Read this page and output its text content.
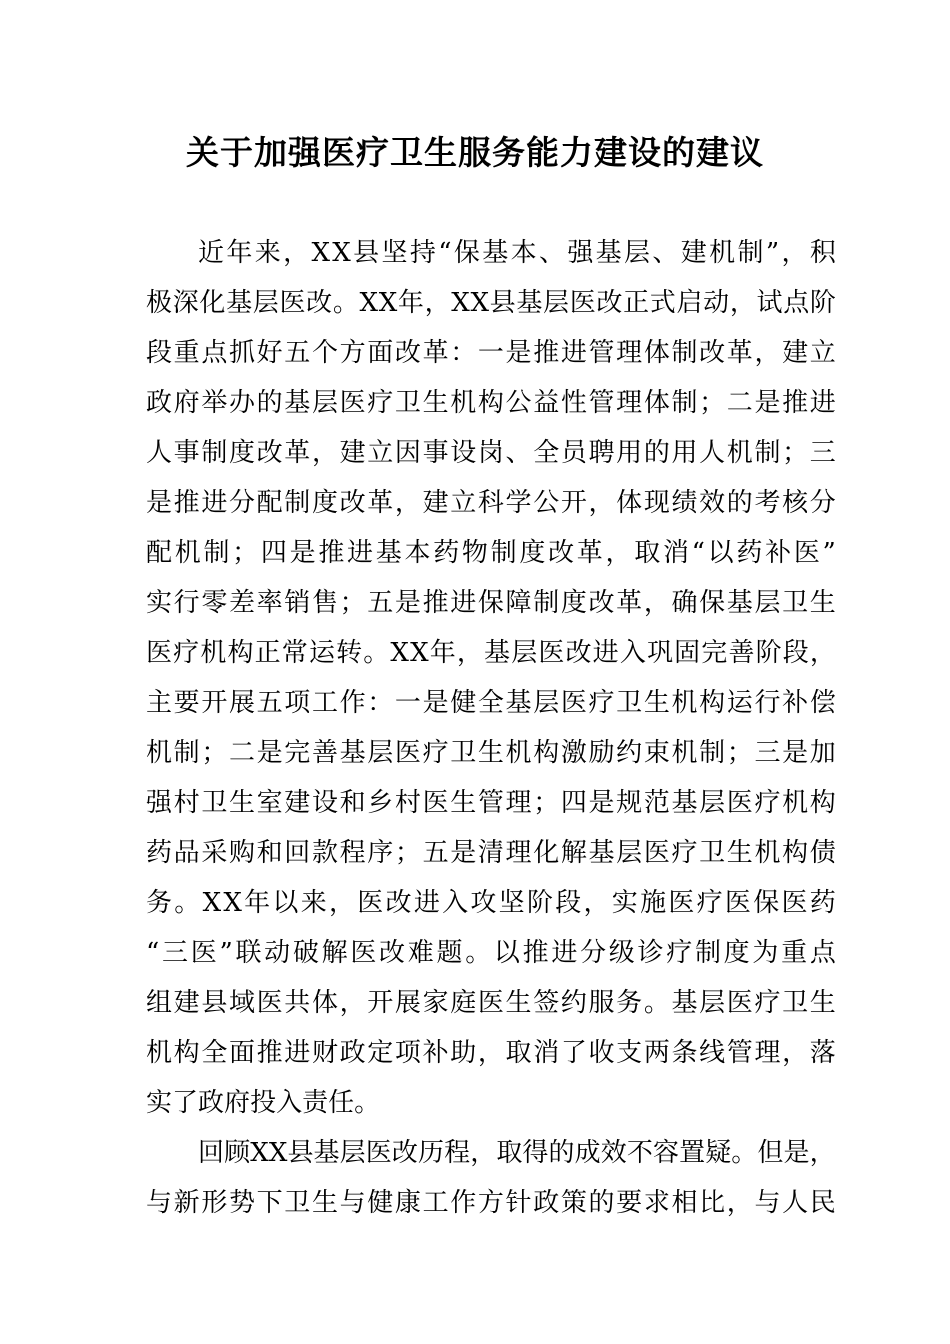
关于加强医疗卫生服务能力建设的建议
近 年 来 ， X X 县 坚 持 “ 保 基 本 、 强 基 层 、 建 机 制 ” ， 积
极 深 化 基 层 医 改 。 X X 年 ， X X 县 基 层 医 改 正 式 启 动 ， 试 点 阶
段 重 点 抓 好 五 个 方 面 改 革 ： 一 是 推 进 管 理 体 制 改 革 ， 建 立
政 府 举 办 的 基 层 医 疗 卫 生 机 构 公 益 性 管 理 体 制 ； 二 是 推 进
人 事 制 度 改 革 ， 建 立 因 事 设 岗 、 全 员 聘 用 的 用 人 机 制 ； 三
是 推 进 分 配 制 度 改 革 ， 建 立 科 学 公 开 ， 体 现 绩 效 的 考 核 分
配 机 制 ； 四 是 推 进 基 本 药 物 制 度 改 革 ， 取 消 “ 以 药 补 医 ”
实 行 零 差 率 销 售 ； 五 是 推 进 保 障 制 度 改 革 ， 确 保 基 层 卫 生
医 疗 机 构 正 常 运 转 。 X X 年 ， 基 层 医 改 进 入 巩 固 完 善 阶 段 ，
主 要 开 展 五 项 工 作 ： 一 是 健 全 基 层 医 疗 卫 生 机 构 运 行 补 偿
机 制 ； 二 是 完 善 基 层 医 疗 卫 生 机 构 激 励 约 束 机 制 ； 三 是 加
强 村 卫 生 室 建 设 和 乡 村 医 生 管 理 ； 四 是 规 范 基 层 医 疗 机 构
药 品 采 购 和 回 款 程 序 ； 五 是 清 理 化 解 基 层 医 疗 卫 生 机 构 债
务 。 X X 年 以 来 ， 医 改 进 入 攻 坚 阶 段 ， 实 施 医 疗 医 保 医 药
“ 三 医 ” 联 动 破 解 医 改 难 题 。 以 推 进 分 级 诊 疗 制 度 为 重 点
组 建 县 域 医 共 体 ， 开 展 家 庭 医 生 签 约 服 务 。 基 层 医 疗 卫 生
机 构 全 面 推 进 财 政 定 项 补 助 ， 取 消 了 收 支 两 条 线 管 理 ， 落
实 了 政 府 投 入 责 任 。
回 顾 X X 县 基 层 医 改 历 程 ， 取 得 的 成 效 不 容 置 疑 。 但 是 ，
与 新 形 势 下 卫 生 与 健 康 工 作 方 针 政 策 的 要 求 相 比 ， 与 人 民
